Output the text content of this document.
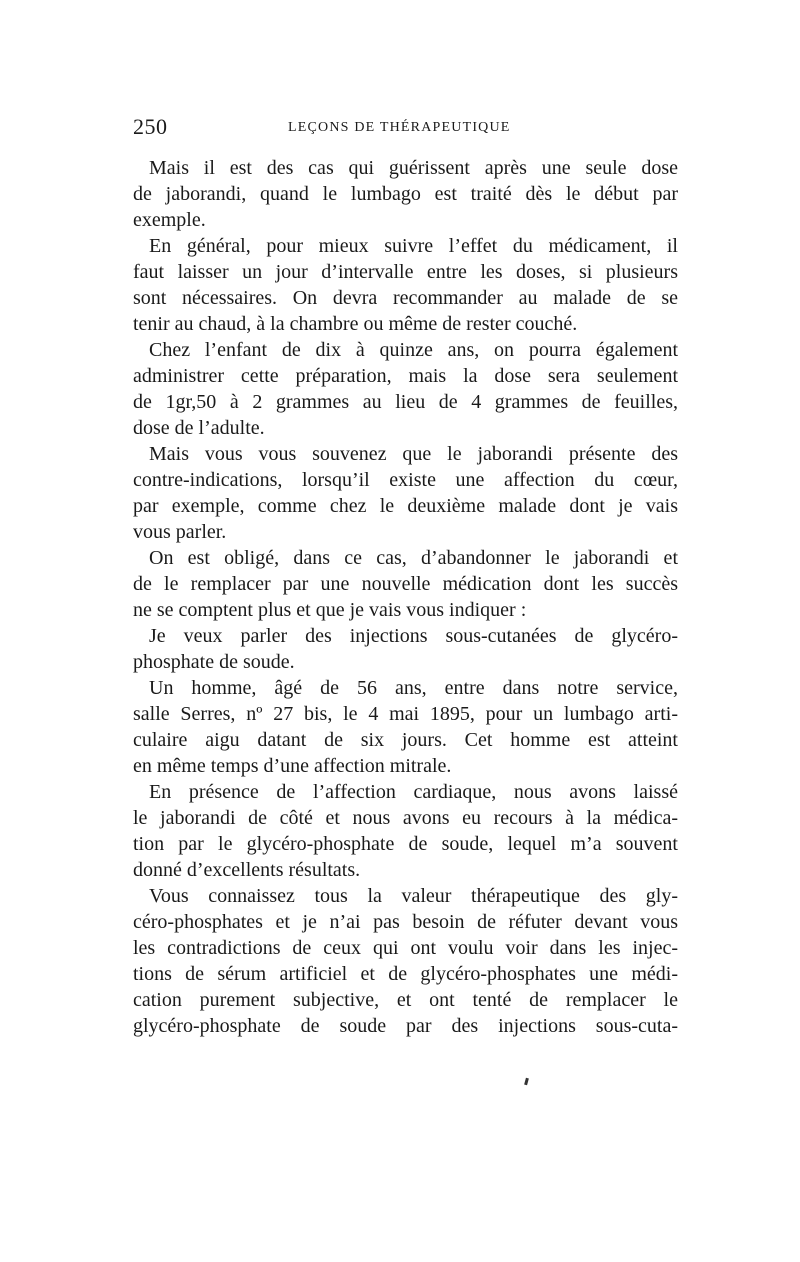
250	LEÇONS DE THÉRAPEUTIQUE
Mais il est des cas qui guérissent après une seule dose
de jaborandi, quand le lumbago est traité dès le début par
exemple.
En général, pour mieux suivre l’effet du médicament, il
faut laisser un jour d’intervalle entre les doses, si plusieurs
sont nécessaires. On devra recommander au malade de se
tenir au chaud, à la chambre ou même de rester couché.
Chez l’enfant de dix à quinze ans, on pourra également
administrer cette préparation, mais la dose sera seulement
de 1gr,50 à 2 grammes au lieu de 4 grammes de feuilles,
dose de l’adulte.
Mais vous vous souvenez que le jaborandi présente des
contre-indications, lorsqu’il existe une affection du cœur,
par exemple, comme chez le deuxième malade dont je vais
vous parler.
On est obligé, dans ce cas, d’abandonner le jaborandi et
de le remplacer par une nouvelle médication dont les succès
ne se comptent plus et que je vais vous indiquer :
Je veux parler des injections sous-cutanées de glycéro-
phosphate de soude.
Un homme, âgé de 56 ans, entre dans notre service,
salle Serres, nº 27 bis, le 4 mai 1895, pour un lumbago arti-
culaire aigu datant de six jours. Cet homme est atteint
en même temps d’une affection mitrale.
En présence de l’affection cardiaque, nous avons laissé
le jaborandi de côté et nous avons eu recours à la médica-
tion par le glycéro-phosphate de soude, lequel m’a souvent
donné d’excellents résultats.
Vous connaissez tous la valeur thérapeutique des gly-
céro-phosphates et je n’ai pas besoin de réfuter devant vous
les contradictions de ceux qui ont voulu voir dans les injec-
tions de sérum artificiel et de glycéro-phosphates une médi-
cation purement subjective, et ont tenté de remplacer le
glycéro-phosphate de soude par des injections sous-cuta-
